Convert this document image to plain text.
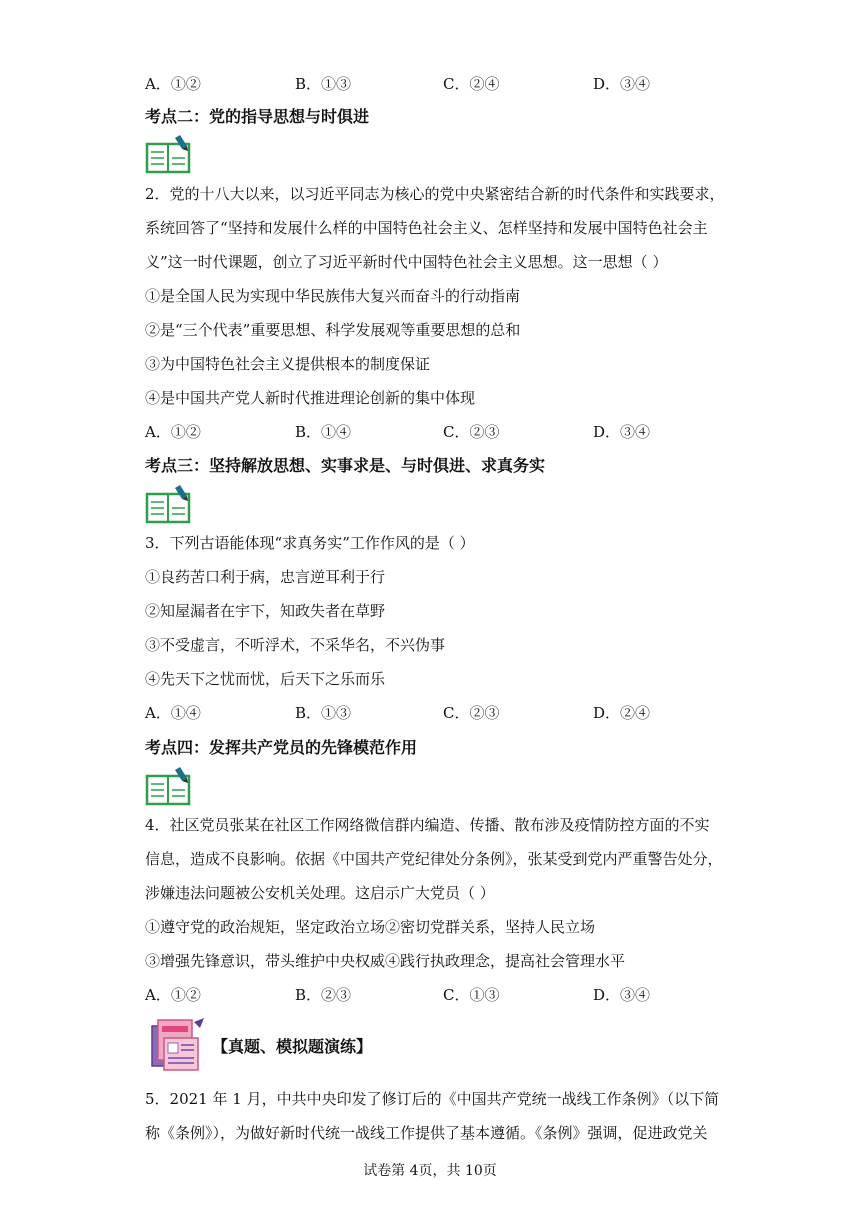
A．①②	B．①③	C．②④	D．③④
考点二：党的指导思想与时俱进
2．党的十八大以来，以习近平同志为核心的党中央紧密结合新的时代条件和实践要求，
系统回答了“坚持和发展什么样的中国特色社会主义、怎样坚持和发展中国特色社会主
义”这一时代课题，创立了习近平新时代中国特色社会主义思想。这一思想（ ）
①是全国人民为实现中华民族伟大复兴而奋斗的行动指南
②是“三个代表”重要思想、科学发展观等重要思想的总和
③为中国特色社会主义提供根本的制度保证
④是中国共产党人新时代推进理论创新的集中体现
A．①②	B．①④	C．②③	D．③④
考点三：坚持解放思想、实事求是、与时俱进、求真务实
3．下列古语能体现“求真务实”工作作风的是（ ）
①良药苦口利于病，忠言逆耳利于行
②知屋漏者在宇下，知政失者在草野
③不受虚言，不听浮术，不采华名，不兴伪事
④先天下之忧而忧，后天下之乐而乐
A．①④	B．①③	C．②③	D．②④
考点四：发挥共产党员的先锋模范作用
4．社区党员张某在社区工作网络微信群内编造、传播、散布涉及疫情防控方面的不实
信息，造成不良影响。依据《中国共产党纪律处分条例》，张某受到党内严重警告处分，
涉嫌违法问题被公安机关处理。这启示广大党员（ ）
①遵守党的政治规矩，坚定政治立场②密切党群关系，坚持人民立场
③增强先锋意识，带头维护中央权威④践行执政理念，提高社会管理水平
A．①②	B．②③	C．①③	D．③④
【真题、模拟题演练】
5．2021 年 1 月，中共中央印发了修订后的《中国共产党统一战线工作条例》（以下简
称《条例》），为做好新时代统一战线工作提供了基本遵循。《条例》强调，促进政党关
试卷第 4页，共 10页
